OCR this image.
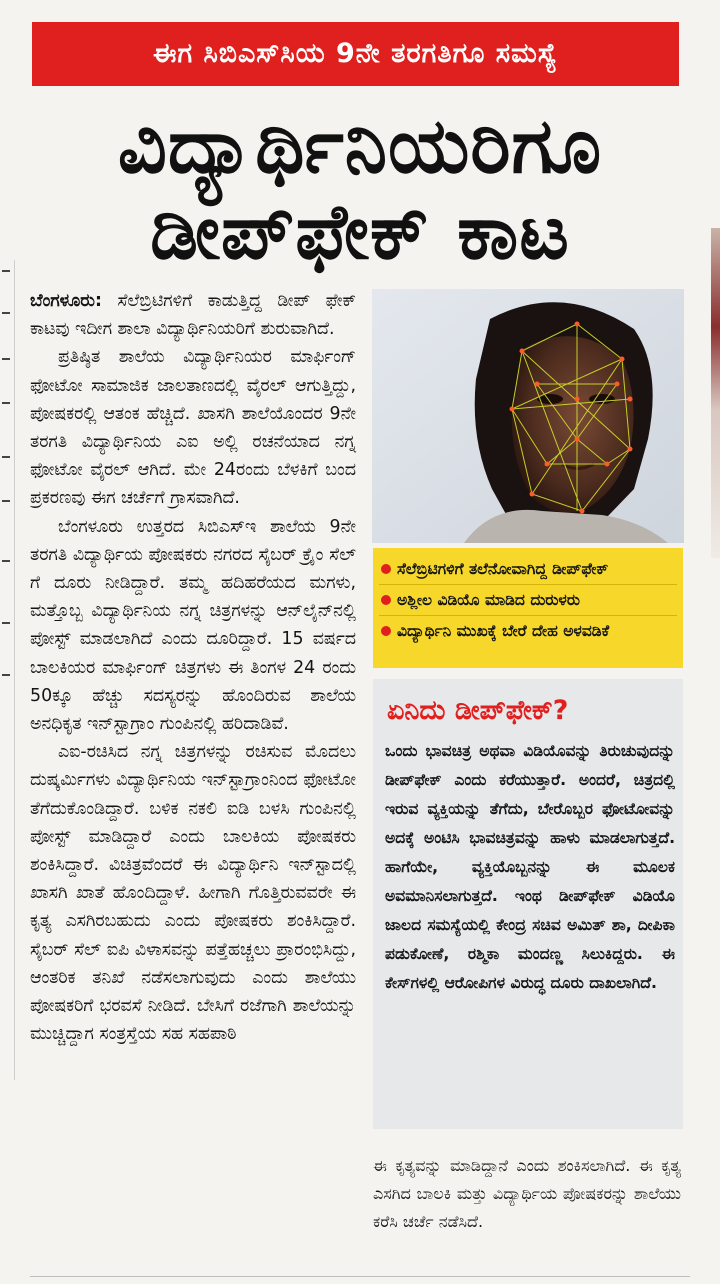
ಈಗ ಸಿಬಿಎಸ್‌ಸಿಯ 9ನೇ ತರಗತಿಗೂ ಸಮಸ್ಯೆ
ವಿದ್ಯಾರ್ಥಿನಿಯರಿಗೂ
ಡೀಪ್‌ಫೇಕ್ ಕಾಟ

ಬೆಂಗಳೂರು: ಸೆಲೆಬ್ರಿಟಿಗಳಿಗೆ ಕಾಡುತ್ತಿದ್ದ ಡೀಪ್‌ ಫೇಕ್ ಕಾಟವು ಇದೀಗ ಶಾಲಾ ವಿದ್ಯಾರ್ಥಿನಿಯರಿಗೆ ಶುರುವಾಗಿದೆ.

ಪ್ರತಿಷ್ಠಿತ ಶಾಲೆಯ ವಿದ್ಯಾರ್ಥಿನಿಯರ ಮಾರ್ಫಿಂಗ್ ಫೋಟೋ ಸಾಮಾಜಿಕ ಜಾಲತಾಣದಲ್ಲಿ ವೈರಲ್ ಆಗುತ್ತಿದ್ದು, ಪೋಷಕರಲ್ಲಿ ಆತಂಕ ಹೆಚ್ಚಿದೆ. ಖಾಸಗಿ ಶಾಲೆಯೊಂದರ 9ನೇ ತರಗತಿ ವಿದ್ಯಾರ್ಥಿನಿಯ ಎಐ ಅಲ್ಲಿ ರಚನೆಯಾದ ನಗ್ನ ಫೋಟೋ ವೈರಲ್ ಆಗಿದೆ. ಮೇ 24ರಂದು ಬೆಳಕಿಗೆ ಬಂದ ಪ್ರಕರಣವು ಈಗ ಚರ್ಚೆಗೆ ಗ್ರಾಸವಾಗಿದೆ.

ಬೆಂಗಳೂರು ಉತ್ತರದ ಸಿಬಿಎಸ್‌ಇ ಶಾಲೆಯ 9ನೇ ತರಗತಿ ವಿದ್ಯಾರ್ಥಿಯ ಪೋಷಕರು ನಗರದ ಸೈಬರ್ ಕ್ರೈಂ ಸೆಲ್ ಗೆ ದೂರು ನೀಡಿದ್ದಾರೆ. ತಮ್ಮ ಹದಿಹರೆಯದ ಮಗಳು, ಮತ್ತೊಬ್ಬ ವಿದ್ಯಾರ್ಥಿನಿಯ ನಗ್ನ ಚಿತ್ರಗಳನ್ನು ಆನ್‌ಲೈನ್‌ನಲ್ಲಿ ಪೋಸ್ಟ್ ಮಾಡಲಾಗಿದೆ ಎಂದು ದೂರಿದ್ದಾರೆ. 15 ವರ್ಷದ ಬಾಲಕಿಯರ ಮಾರ್ಫಿಂಗ್ ಚಿತ್ರಗಳು ಈ ತಿಂಗಳ 24 ರಂದು 50ಕ್ಕೂ ಹೆಚ್ಚು ಸದಸ್ಯರನ್ನು ಹೊಂದಿರುವ ಶಾಲೆಯ ಅನಧಿಕೃತ ಇನ್‌ಸ್ಟಾಗ್ರಾಂ ಗುಂಪಿನಲ್ಲಿ ಹರಿದಾಡಿವೆ.

ಎಐ-ರಚಿಸಿದ ನಗ್ನ ಚಿತ್ರಗಳನ್ನು ರಚಿಸುವ ಮೊದಲು ದುಷ್ಕರ್ಮಿಗಳು ವಿದ್ಯಾರ್ಥಿನಿಯ ಇನ್‌ಸ್ಟಾಗ್ರಾಂನಿಂದ ಫೋಟೋ ತೆಗೆದುಕೊಂಡಿದ್ದಾರೆ. ಬಳಿಕ ನಕಲಿ ಐಡಿ ಬಳಸಿ ಗುಂಪಿನಲ್ಲಿ ಪೋಸ್ಟ್ ಮಾಡಿದ್ದಾರೆ ಎಂದು ಬಾಲಕಿಯ ಪೋಷಕರು ಶಂಕಿಸಿದ್ದಾರೆ. ವಿಚಿತ್ರವೆಂದರೆ ಈ ವಿದ್ಯಾರ್ಥಿನಿ ಇನ್‌ಸ್ಟಾದಲ್ಲಿ ಖಾಸಗಿ ಖಾತೆ ಹೊಂದಿದ್ದಾಳೆ. ಹೀಗಾಗಿ ಗೊತ್ತಿರುವವರೇ ಈ ಕೃತ್ಯ ಎಸಗಿರಬಹುದು ಎಂದು ಪೋಷಕರು ಶಂಕಿಸಿದ್ದಾರೆ. ಸೈಬರ್ ಸೆಲ್ ಐಪಿ ವಿಳಾಸವನ್ನು ಪತ್ತೆಹಚ್ಚಲು ಪ್ರಾರಂಭಿಸಿದ್ದು, ಆಂತರಿಕ ತನಿಖೆ ನಡೆಸಲಾಗುವುದು ಎಂದು ಶಾಲೆಯು ಪೋಷಕರಿಗೆ ಭರವಸೆ ನೀಡಿದೆ. ಬೇಸಿಗೆ ರಜೆಗಾಗಿ ಶಾಲೆಯನ್ನು ಮುಚ್ಚಿದ್ದಾಗ ಸಂತ್ರಸ್ತೆಯ ಸಹ ಸಹಪಾಠಿ

ಸೆಲೆಬ್ರಿಟಿಗಳಿಗೆ ತಲೆನೋವಾಗಿದ್ದ ಡೀಪ್‌ಫೇಕ್
ಅಶ್ಲೀಲ ವಿಡಿಯೊ ಮಾಡಿದ ದುರುಳರು
ವಿದ್ಯಾರ್ಥಿನಿ ಮುಖಕ್ಕೆ ಬೇರೆ ದೇಹ ಅಳವಡಿಕೆ
ಏನಿದು ಡೀಪ್‌ಫೇಕ್?
ಒಂದು ಭಾವಚಿತ್ರ ಅಥವಾ ವಿಡಿಯೊವನ್ನು ತಿರುಚುವುದನ್ನು ಡೀಪ್‌ಫೇಕ್ ಎಂದು ಕರೆಯುತ್ತಾರೆ. ಅಂದರೆ, ಚಿತ್ರದಲ್ಲಿ ಇರುವ ವ್ಯಕ್ತಿಯನ್ನು ತೆಗೆದು, ಬೇರೊಬ್ಬರ ಫೋಟೋವನ್ನು ಅದಕ್ಕೆ ಅಂಟಿಸಿ ಭಾವಚಿತ್ರವನ್ನು ಹಾಳು ಮಾಡಲಾಗುತ್ತದೆ. ಹಾಗೆಯೇ, ವ್ಯಕ್ತಿಯೊಬ್ಬನನ್ನು ಈ ಮೂಲಕ ಅವಮಾನಿಸಲಾಗುತ್ತದೆ. ಇಂಥ ಡೀಪ್‌ಫೇಕ್ ವಿಡಿಯೊ ಜಾಲದ ಸಮಸ್ಯೆಯಲ್ಲಿ ಕೇಂದ್ರ ಸಚಿವ ಅಮಿತ್ ಶಾ, ದೀಪಿಕಾ ಪಡುಕೋಣೆ, ರಶ್ಮಿಕಾ ಮಂದಣ್ಣ ಸಿಲುಕಿದ್ದರು. ಈ ಕೇಸ್‌ಗಳಲ್ಲಿ ಆರೋಪಿಗಳ ವಿರುದ್ಧ ದೂರು ದಾಖಲಾಗಿದೆ.
ಈ ಕೃತ್ಯವನ್ನು ಮಾಡಿದ್ದಾನೆ ಎಂದು ಶಂಕಿಸಲಾಗಿದೆ. ಈ ಕೃತ್ಯ ಎಸಗಿದ ಬಾಲಕಿ ಮತ್ತು ವಿದ್ಯಾರ್ಥಿಯ ಪೋಷಕರನ್ನು ಶಾಲೆಯು ಕರೆಸಿ ಚರ್ಚೆ ನಡೆಸಿದೆ.
